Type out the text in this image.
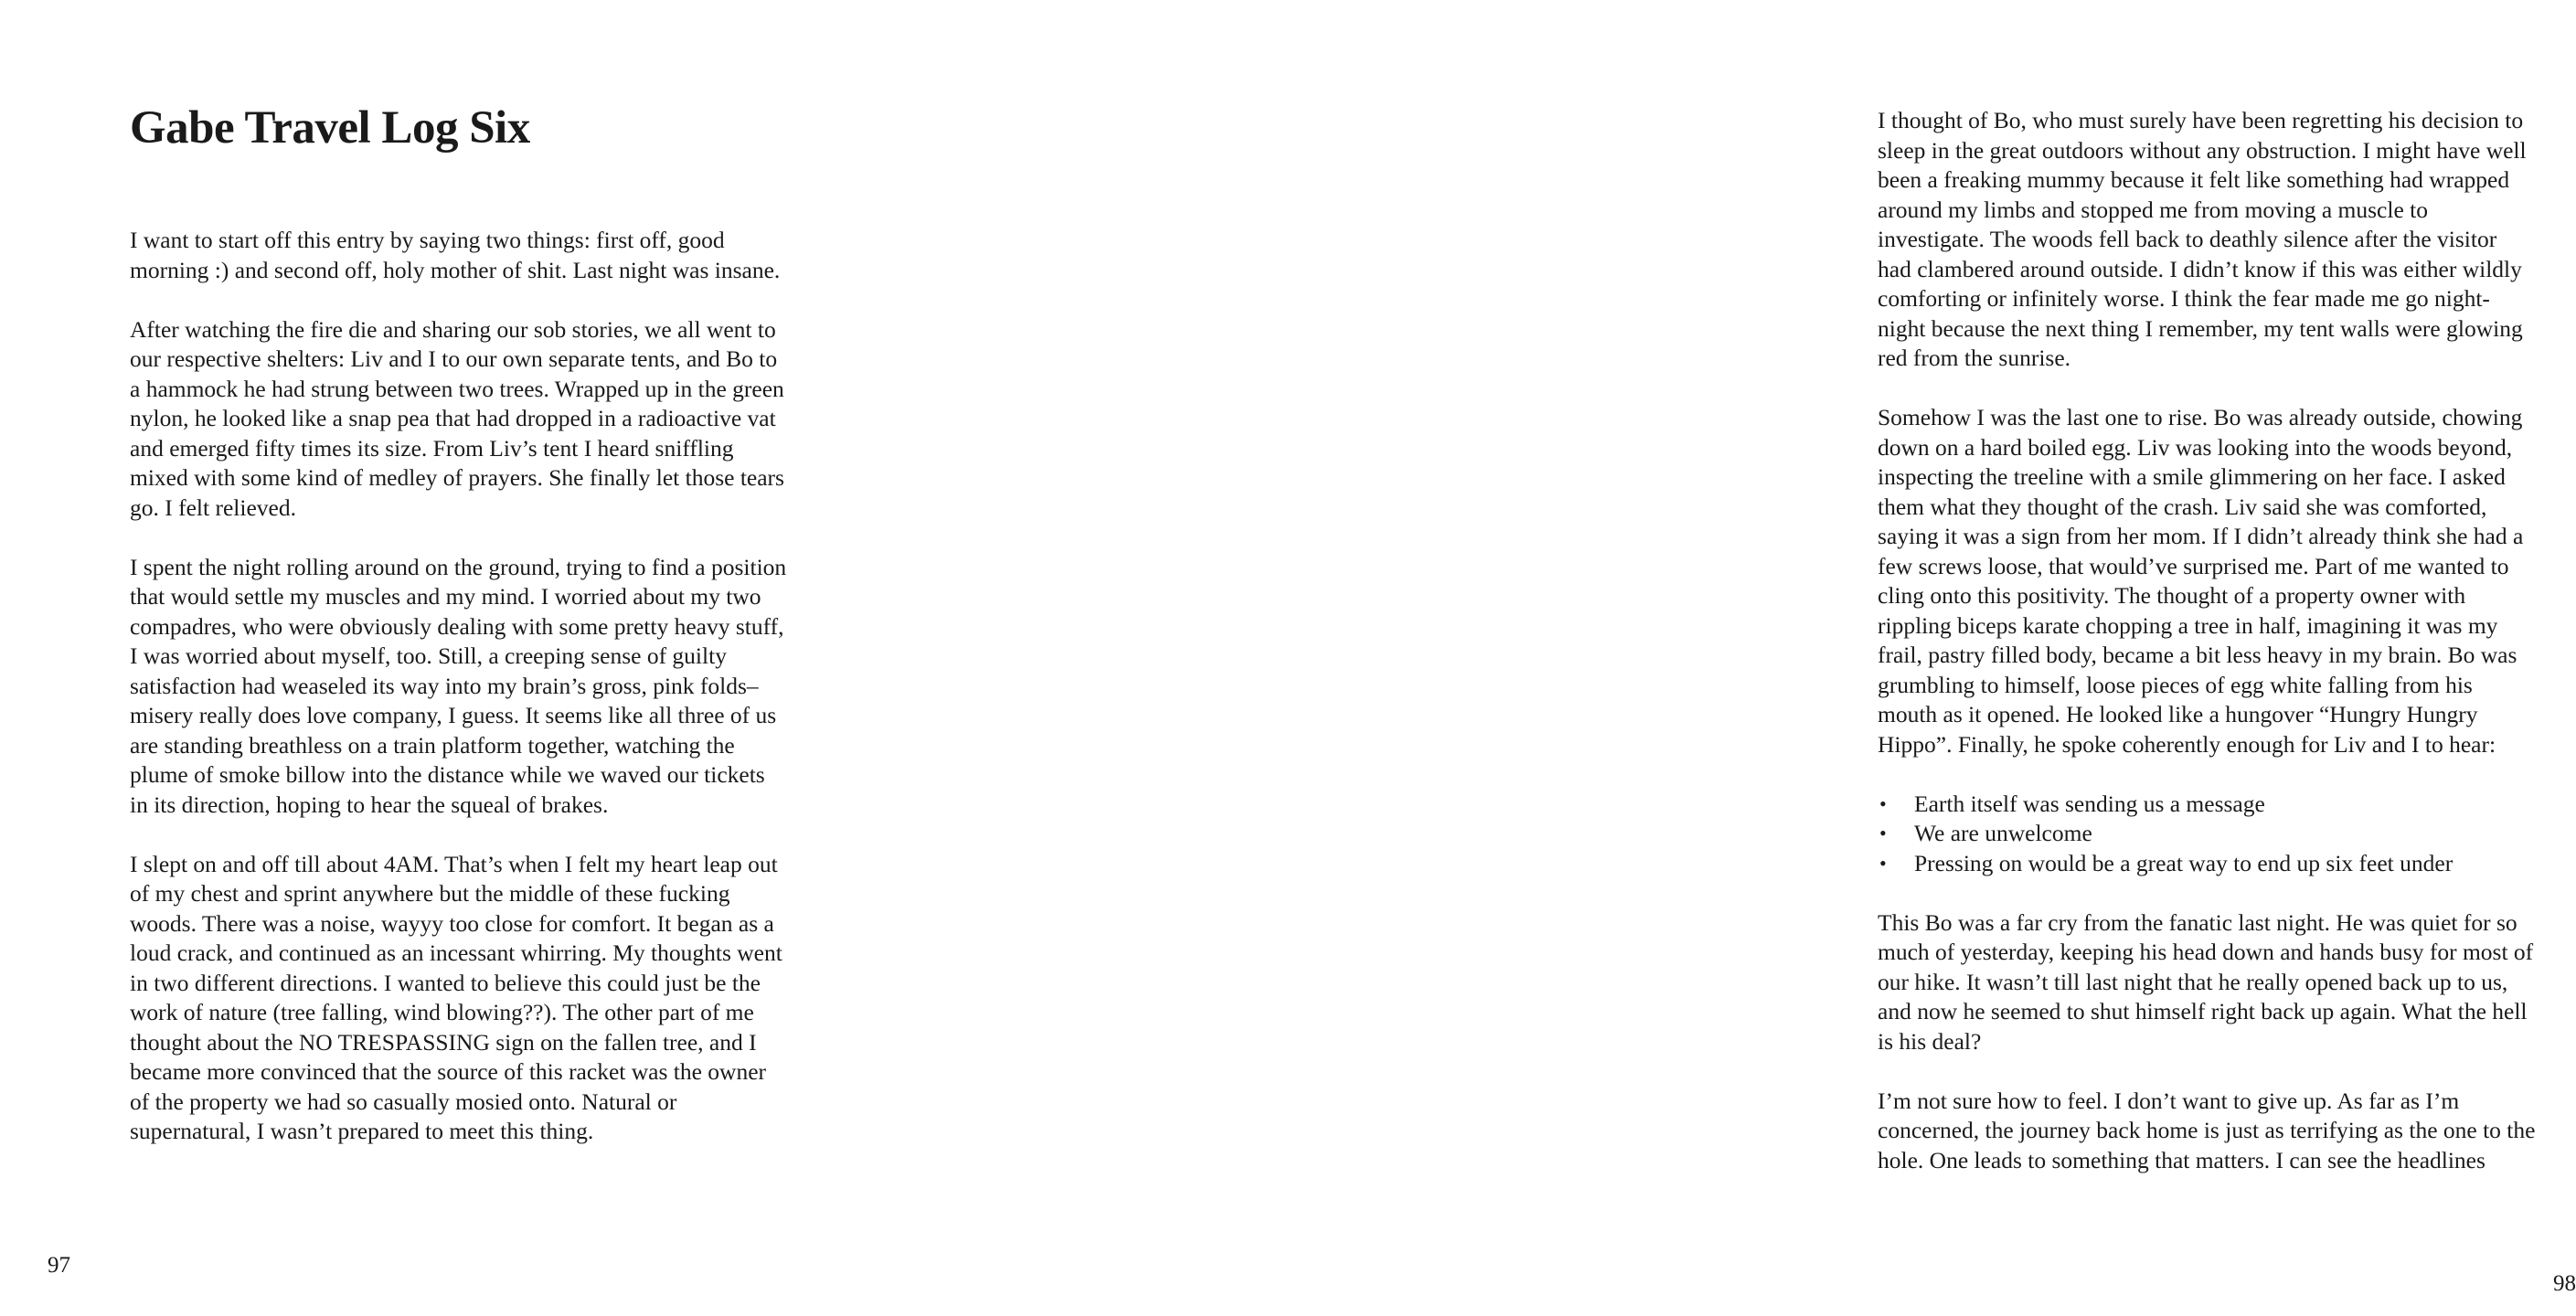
Gabe Travel Log Six

I want to start off this entry by saying two things: first off, good morning :) and second off, holy mother of shit. Last night was insane.

After watching the fire die and sharing our sob stories, we all went to our respective shelters: Liv and I to our own separate tents, and Bo to a hammock he had strung between two trees. Wrapped up in the green nylon, he looked like a snap pea that had dropped in a radioactive vat and emerged fifty times its size. From Liv’s tent I heard sniffling mixed with some kind of medley of prayers. She finally let those tears go. I felt relieved.

I spent the night rolling around on the ground, trying to find a position that would settle my muscles and my mind. I worried about my two compadres, who were obviously dealing with some pretty heavy stuff, I was worried about myself, too. Still, a creeping sense of guilty satisfaction had weaseled its way into my brain’s gross, pink folds–misery really does love company, I guess. It seems like all three of us are standing breathless on a train platform together, watching the plume of smoke billow into the distance while we waved our tickets in its direction, hoping to hear the squeal of brakes.

I slept on and off till about 4AM. That’s when I felt my heart leap out of my chest and sprint anywhere but the middle of these fucking woods. There was a noise, wayyy too close for comfort. It began as a loud crack, and continued as an incessant whirring. My thoughts went in two different directions. I wanted to believe this could just be the work of nature (tree falling, wind blowing??). The other part of me thought about the NO TRESPASSING sign on the fallen tree, and I became more convinced that the source of this racket was the owner of the property we had so casually mosied onto. Natural or supernatural, I wasn’t prepared to meet this thing.

97

I thought of Bo, who must surely have been regretting his decision to sleep in the great outdoors without any obstruction. I might have well been a freaking mummy because it felt like something had wrapped around my limbs and stopped me from moving a muscle to investigate. The woods fell back to deathly silence after the visitor had clambered around outside. I didn’t know if this was either wildly comforting or infinitely worse. I think the fear made me go night-night because the next thing I remember, my tent walls were glowing red from the sunrise.

Somehow I was the last one to rise. Bo was already outside, chowing down on a hard boiled egg. Liv was looking into the woods beyond, inspecting the treeline with a smile glimmering on her face. I asked them what they thought of the crash. Liv said she was comforted, saying it was a sign from her mom. If I didn’t already think she had a few screws loose, that would’ve surprised me. Part of me wanted to cling onto this positivity. The thought of a property owner with rippling biceps karate chopping a tree in half, imagining it was my frail, pastry filled body, became a bit less heavy in my brain. Bo was grumbling to himself, loose pieces of egg white falling from his mouth as it opened. He looked like a hungover “Hungry Hungry Hippo”. Finally, he spoke coherently enough for Liv and I to hear:

• Earth itself was sending us a message
• We are unwelcome
• Pressing on would be a great way to end up six feet under

This Bo was a far cry from the fanatic last night. He was quiet for so much of yesterday, keeping his head down and hands busy for most of our hike. It wasn’t till last night that he really opened back up to us, and now he seemed to shut himself right back up again. What the hell is his deal?

I’m not sure how to feel. I don’t want to give up. As far as I’m concerned, the journey back home is just as terrifying as the one to the hole. One leads to something that matters. I can see the headlines

98
